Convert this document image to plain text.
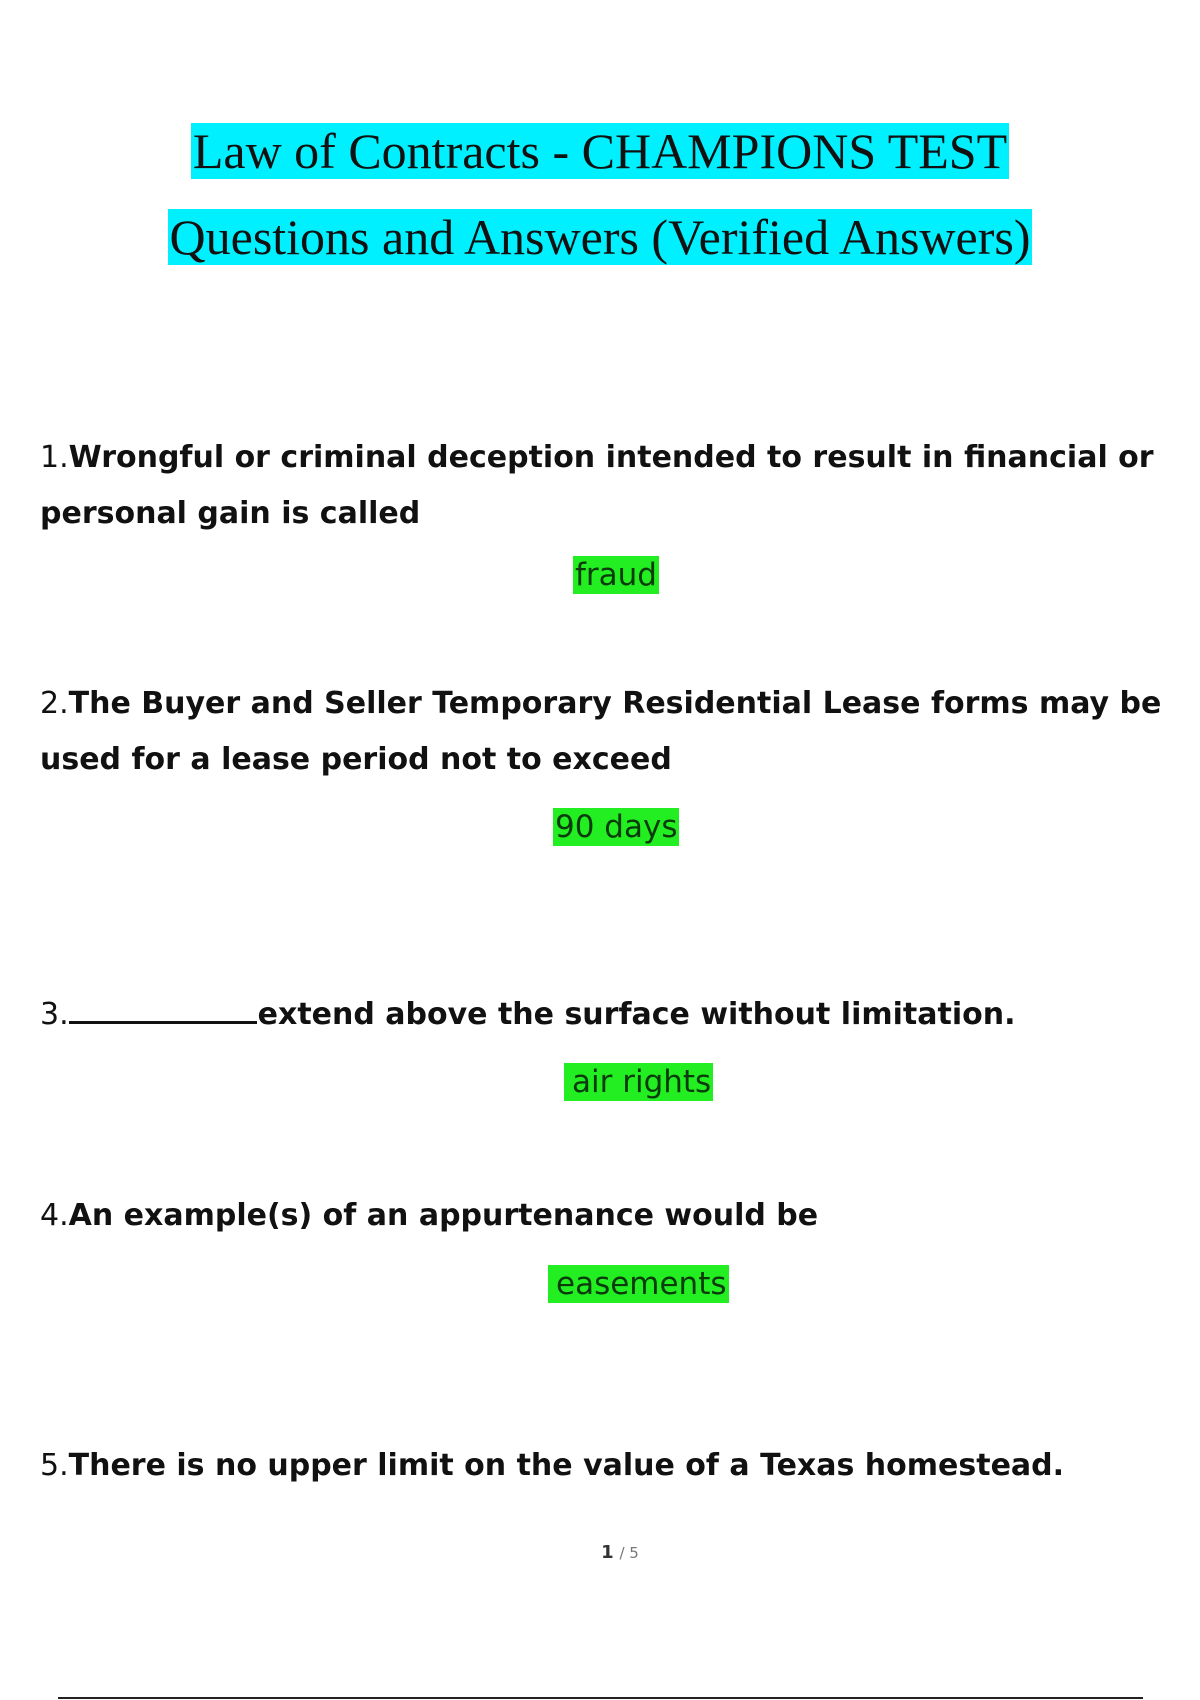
Law of Contracts - CHAMPIONS TEST
Questions and Answers (Verified Answers)
1.Wrongful or criminal deception intended to result in financial or personal gain is called
fraud
2.The Buyer and Seller Temporary Residential Lease forms may be used for a lease period not to exceed
90 days
3.	extend above the surface without limitation.
air rights
4.An example(s) of an appurtenance would be
easements
5.There is no upper limit on the value of a Texas homestead.
1 / 5
